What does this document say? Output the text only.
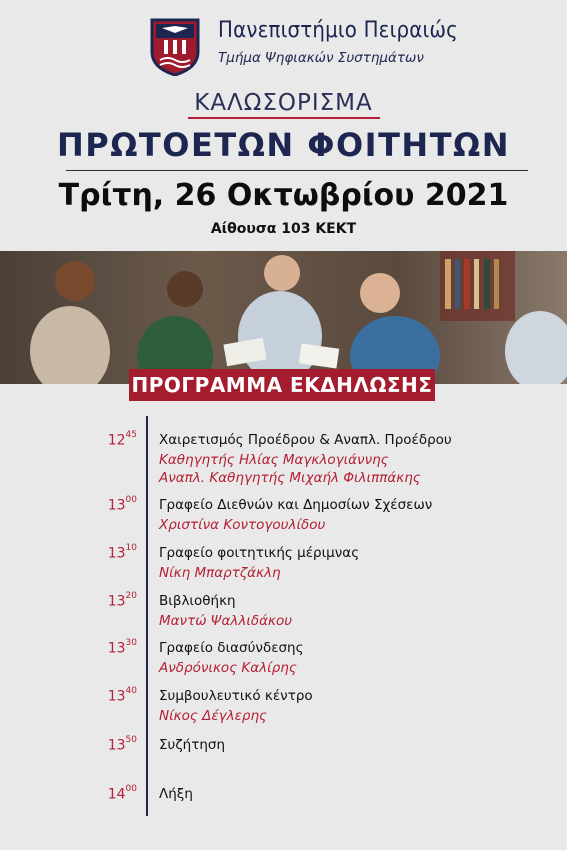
Πανεπιστήμιο Πειραιώς
Τμήμα Ψηφιακών Συστημάτων
ΚΑΛΩΣΟΡΙΣΜΑ
ΠΡΩΤΟΕΤΩΝ ΦΟΙΤΗΤΩΝ
Τρίτη, 26 Οκτωβρίου 2021
Αίθουσα 103 ΚΕΚΤ
ΠΡΟΓΡΑΜΜΑ ΕΚΔΗΛΩΣΗΣ
$12^{45}$ Χαιρετισμός Προέδρου & Αναπλ. Προέδρου
Καθηγητής Ηλίας Μαγκλογιάννης
Αναπλ. Καθηγητής Μιχαήλ Φιλιππάκης
$13^{00}$ Γραφείο Διεθνών και Δημοσίων Σχέσεων
Χριστίνα Κοντογουλίδου
$13^{10}$ Γραφείο φοιτητικής μέριμνας
Νίκη Μπαρτζάκλη
$13^{20}$ Βιβλιοθήκη
Μαντώ Ψαλλιδάκου
$13^{30}$ Γραφείο διασύνδεσης
Ανδρόνικος Καλίρης
$13^{40}$ Συμβουλευτικό κέντρο
Νίκος Δέγλερης
$13^{50}$ Συζήτηση
$14^{00}$ Λήξη
